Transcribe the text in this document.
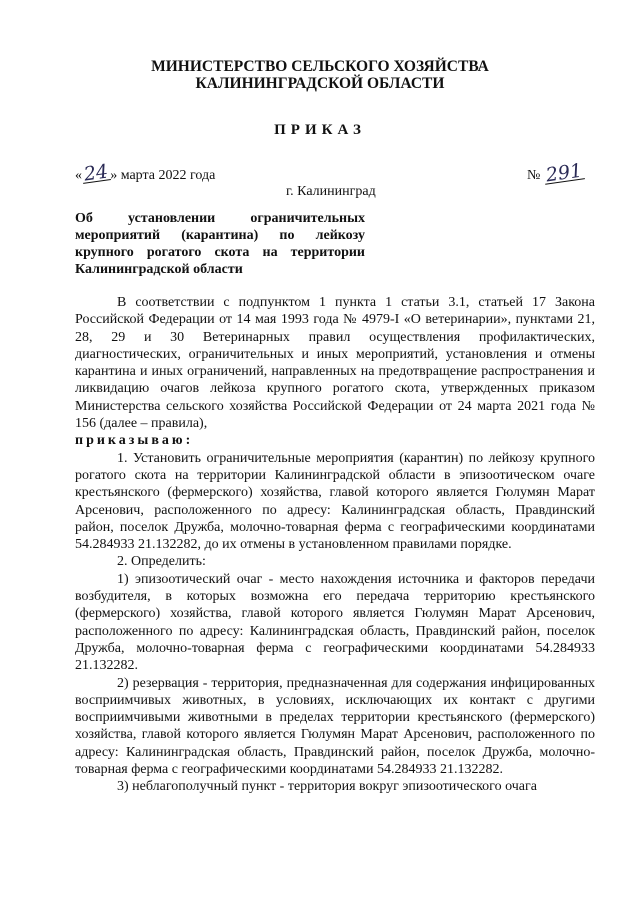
МИНИСТЕРСТВО СЕЛЬСКОГО ХОЗЯЙСТВА
КАЛИНИНГРАДСКОЙ ОБЛАСТИ
ПРИКАЗ
«24» марта 2022 года	№ 291
г. Калининград
Об установлении ограничительных мероприятий (карантина) по лейкозу крупного рогатого скота на территории Калининградской области

В соответствии с подпунктом 1 пункта 1 статьи 3.1, статьей 17 Закона Российской Федерации от 14 мая 1993 года № 4979-I «О ветеринарии», пунктами 21, 28, 29 и 30 Ветеринарных правил осуществления профилактических, диагностических, ограничительных и иных мероприятий, установления и отмены карантина и иных ограничений, направленных на предотвращение распространения и ликвидацию очагов лейкоза крупного рогатого скота, утвержденных приказом Министерства сельского хозяйства Российской Федерации от 24 марта 2021 года № 156 (далее – правила),

приказываю:

1. Установить ограничительные мероприятия (карантин) по лейкозу крупного рогатого скота на территории Калининградской области в эпизоотическом очаге крестьянского (фермерского) хозяйства, главой которого является Гюлумян Марат Арсенович, расположенного по адресу: Калининградская область, Правдинский район, поселок Дружба, молочно-товарная ферма с географическими координатами 54.284933 21.132282, до их отмены в установленном правилами порядке.

2. Определить:

1) эпизоотический очаг - место нахождения источника и факторов передачи возбудителя, в которых возможна его передача территорию крестьянского (фермерского) хозяйства, главой которого является Гюлумян Марат Арсенович, расположенного по адресу: Калининградская область, Правдинский район, поселок Дружба, молочно-товарная ферма с географическими координатами 54.284933 21.132282.

2) резервация - территория, предназначенная для содержания инфицированных восприимчивых животных, в условиях, исключающих их контакт с другими восприимчивыми животными в пределах территории крестьянского (фермерского) хозяйства, главой которого является Гюлумян Марат Арсенович, расположенного по адресу: Калининградская область, Правдинский район, поселок Дружба, молочно-товарная ферма с географическими координатами 54.284933 21.132282.

3) неблагополучный пункт - территория вокруг эпизоотического очага
